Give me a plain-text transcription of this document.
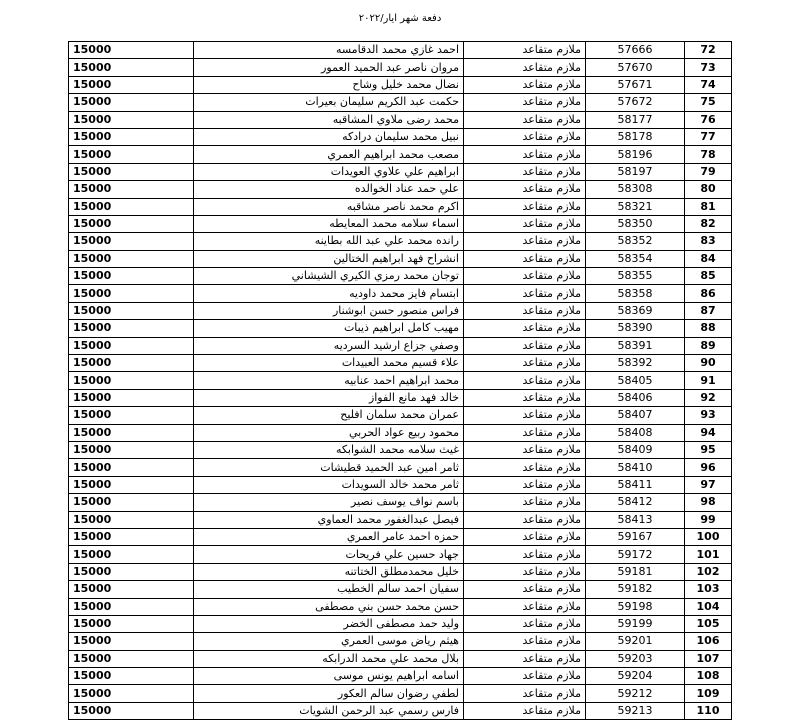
دفعة شهر ايار/٢٠٢٢
72	57666	ملازم متقاعد	احمد غازي محمد الدقامسه	15000
73	57670	ملازم متقاعد	مروان ناصر عبد الحميد العمور	15000
74	57671	ملازم متقاعد	نضال محمد خليل وشاح	15000
75	57672	ملازم متقاعد	حكمت عبد الكريم سليمان بعيرات	15000
76	58177	ملازم متقاعد	محمد رضى ملاوي المشاقبه	15000
77	58178	ملازم متقاعد	نبيل محمد سليمان درادكه	15000
78	58196	ملازم متقاعد	مصعب محمد ابراهيم العمري	15000
79	58197	ملازم متقاعد	ابراهيم علي علاوي العويدات	15000
80	58308	ملازم متقاعد	علي حمد عناد الخوالده	15000
81	58321	ملازم متقاعد	اكرم محمد ناصر مشاقبه	15000
82	58350	ملازم متقاعد	اسماء سلامه محمد المعايطه	15000
83	58352	ملازم متقاعد	رانده محمد علي عبد الله بطاينه	15000
84	58354	ملازم متقاعد	انشراح فهد ابراهيم الختالين	15000
85	58355	ملازم متقاعد	توجان محمد رمزي الكيري الشيشاني	15000
86	58358	ملازم متقاعد	ابتسام فايز محمد داوديه	15000
87	58369	ملازم متقاعد	فراس منصور حسن ابوشنار	15000
88	58390	ملازم متقاعد	مهيب كامل ابراهيم ذيبات	15000
89	58391	ملازم متقاعد	وصفي جزاع ارشيد السرديه	15000
90	58392	ملازم متقاعد	علاء قسيم محمد العبيدات	15000
91	58405	ملازم متقاعد	محمد ابراهيم احمد عنابيه	15000
92	58406	ملازم متقاعد	خالد فهد مانع الفواز	15000
93	58407	ملازم متقاعد	عمران محمد سلمان افليح	15000
94	58408	ملازم متقاعد	محمود ربيع عواد الحربي	15000
95	58409	ملازم متقاعد	غيث سلامه محمد الشوابكه	15000
96	58410	ملازم متقاعد	ثامر امين عبد الحميد قطيشات	15000
97	58411	ملازم متقاعد	ثامر محمد خالد السويدات	15000
98	58412	ملازم متقاعد	باسم نواف يوسف نصير	15000
99	58413	ملازم متقاعد	فيصل عبدالغفور محمد العماوي	15000
100	59167	ملازم متقاعد	حمزه احمد عامر العمري	15000
101	59172	ملازم متقاعد	جهاد حسين علي فريحات	15000
102	59181	ملازم متقاعد	خليل محمدمطلق الختاتنه	15000
103	59182	ملازم متقاعد	سفيان احمد سالم الخطيب	15000
104	59198	ملازم متقاعد	حسن محمد حسن بني مصطفى	15000
105	59199	ملازم متقاعد	وليد حمد مصطفى الخضر	15000
106	59201	ملازم متقاعد	هيثم رياض موسى العمري	15000
107	59203	ملازم متقاعد	بلال محمد علي محمد الدرابكه	15000
108	59204	ملازم متقاعد	اسامه ابراهيم يونس موسى	15000
109	59212	ملازم متقاعد	لطفي رضوان سالم العكور	15000
110	59213	ملازم متقاعد	فارس رسمي عبد الرحمن الشويات	15000
